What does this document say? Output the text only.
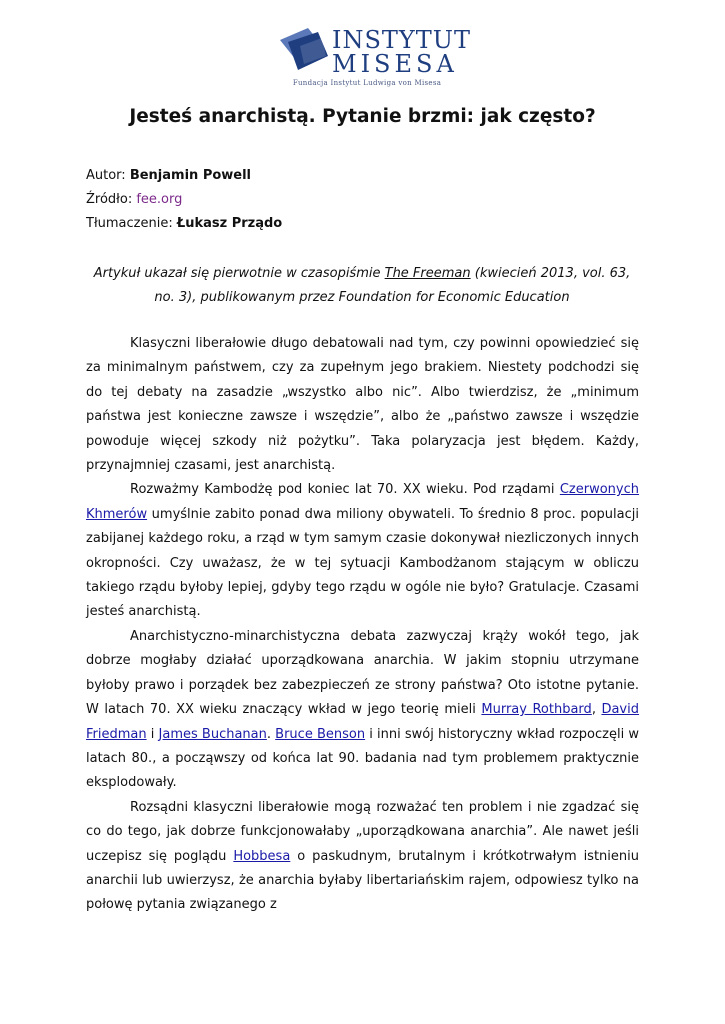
INSTYTUT
MISESA
Fundacja Instytut Ludwiga von Misesa
Jesteś anarchistą. Pytanie brzmi: jak często?
Autor: Benjamin Powell
Źródło: fee.org
Tłumaczenie: Łukasz Prządo
Artykuł ukazał się pierwotnie w czasopiśmie The Freeman (kwiecień 2013, vol. 63, no. 3), publikowanym przez Foundation for Economic Education

Klasyczni liberałowie długo debatowali nad tym, czy powinni opowiedzieć się za minimalnym państwem, czy za zupełnym jego brakiem. Niestety podchodzi się do tej debaty na zasadzie „wszystko albo nic”. Albo twierdzisz, że „minimum państwa jest konieczne zawsze i wszędzie”, albo że „państwo zawsze i wszędzie powoduje więcej szkody niż pożytku”. Taka polaryzacja jest błędem. Każdy, przynajmniej czasami, jest anarchistą.

Rozważmy Kambodżę pod koniec lat 70. XX wieku. Pod rządami Czerwonych Khmerów umyślnie zabito ponad dwa miliony obywateli. To średnio 8 proc. populacji zabijanej każdego roku, a rząd w tym samym czasie dokonywał niezliczonych innych okropności. Czy uważasz, że w tej sytuacji Kambodżanom stającym w obliczu takiego rządu byłoby lepiej, gdyby tego rządu w ogóle nie było? Gratulacje. Czasami jesteś anarchistą.

Anarchistyczno-minarchistyczna debata zazwyczaj krąży wokół tego, jak dobrze mogłaby działać uporządkowana anarchia. W jakim stopniu utrzymane byłoby prawo i porządek bez zabezpieczeń ze strony państwa? Oto istotne pytanie. W latach 70. XX wieku znaczący wkład w jego teorię mieli Murray Rothbard, David Friedman i James Buchanan. Bruce Benson i inni swój historyczny wkład rozpoczęli w latach 80., a począwszy od końca lat 90. badania nad tym problemem praktycznie eksplodowały.

Rozsądni klasyczni liberałowie mogą rozważać ten problem i nie zgadzać się co do tego, jak dobrze funkcjonowałaby „uporządkowana anarchia”. Ale nawet jeśli uczepisz się poglądu Hobbesa o paskudnym, brutalnym i krótkotrwałym istnieniu anarchii lub uwierzysz, że anarchia byłaby libertariańskim rajem, odpowiesz tylko na połowę pytania związanego z
